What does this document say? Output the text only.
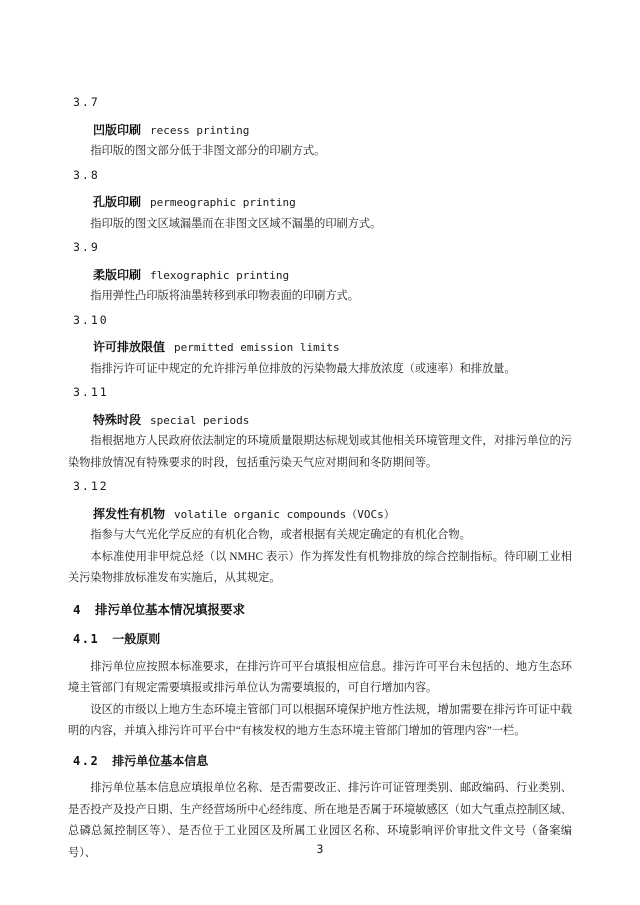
3.7
凹版印刷 recess printing

指印版的图文部分低于非图文部分的印刷方式。

3.8
孔版印刷 permeographic printing

指印版的图文区域漏墨而在非图文区域不漏墨的印刷方式。

3.9
柔版印刷 flexographic printing

指用弹性凸印版将油墨转移到承印物表面的印刷方式。

3.10
许可排放限值 permitted emission limits

指排污许可证中规定的允许排污单位排放的污染物最大排放浓度（或速率）和排放量。

3.11
特殊时段 special periods

指根据地方人民政府依法制定的环境质量限期达标规划或其他相关环境管理文件，对排污单位的污染物排放情况有特殊要求的时段，包括重污染天气应对期间和冬防期间等。

3.12
挥发性有机物 volatile organic compounds（VOCs）

指参与大气光化学反应的有机化合物，或者根据有关规定确定的有机化合物。

本标准使用非甲烷总烃（以 NMHC 表示）作为挥发性有机物排放的综合控制指标。待印刷工业相关污染物排放标准发布实施后，从其规定。

4 排污单位基本情况填报要求
4.1 一般原则

排污单位应按照本标准要求，在排污许可平台填报相应信息。排污许可平台未包括的、地方生态环境主管部门有规定需要填报或排污单位认为需要填报的，可自行增加内容。

设区的市级以上地方生态环境主管部门可以根据环境保护地方性法规，增加需要在排污许可证中载明的内容，并填入排污许可平台中“有核发权的地方生态环境主管部门增加的管理内容”一栏。

4.2 排污单位基本信息

排污单位基本信息应填报单位名称、是否需要改正、排污许可证管理类别、邮政编码、行业类别、是否投产及投产日期、生产经营场所中心经纬度、所在地是否属于环境敏感区（如大气重点控制区域、总磷总氮控制区等）、是否位于工业园区及所属工业园区名称、环境影响评价审批文件文号（备案编号）、	3
